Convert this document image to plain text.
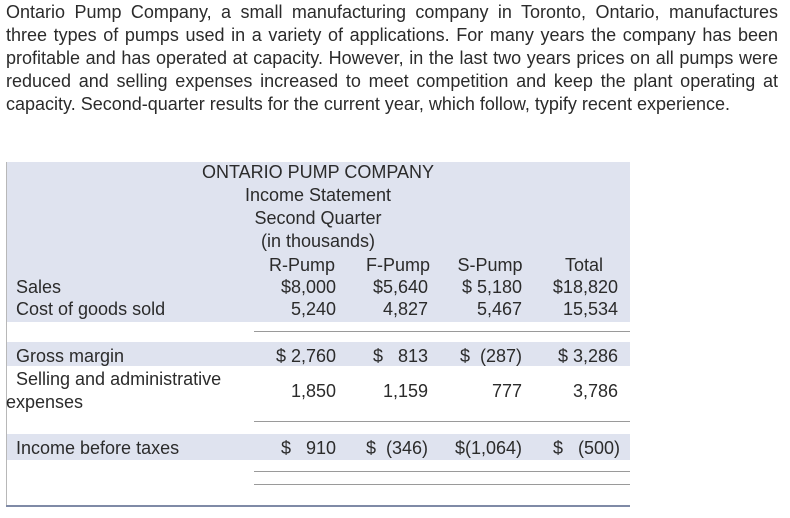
Ontario Pump Company, a small manufacturing company in Toronto, Ontario, manufactures three types of pumps used in a variety of applications. For many years the company has been profitable and has operated at capacity. However, in the last two years prices on all pumps were reduced and selling expenses increased to meet competition and keep the plant operating at capacity. Second-quarter results for the current year, which follow, typify recent experience.
ONTARIO PUMP COMPANY
Income Statement
Second Quarter
(in thousands)
R-Pump	F-Pump	S-Pump	Total
Sales	$8,000	$5,640	$ 5,180	$18,820
Cost of goods sold	5,240	4,827	5,467	15,534
Gross margin	$ 2,760	$   813	$  (287)	$ 3,286
Selling and administrative
expenses
1,850	1,159	777	3,786
Income before taxes	$   910	$  (346)	$(1,064)	$   (500)
